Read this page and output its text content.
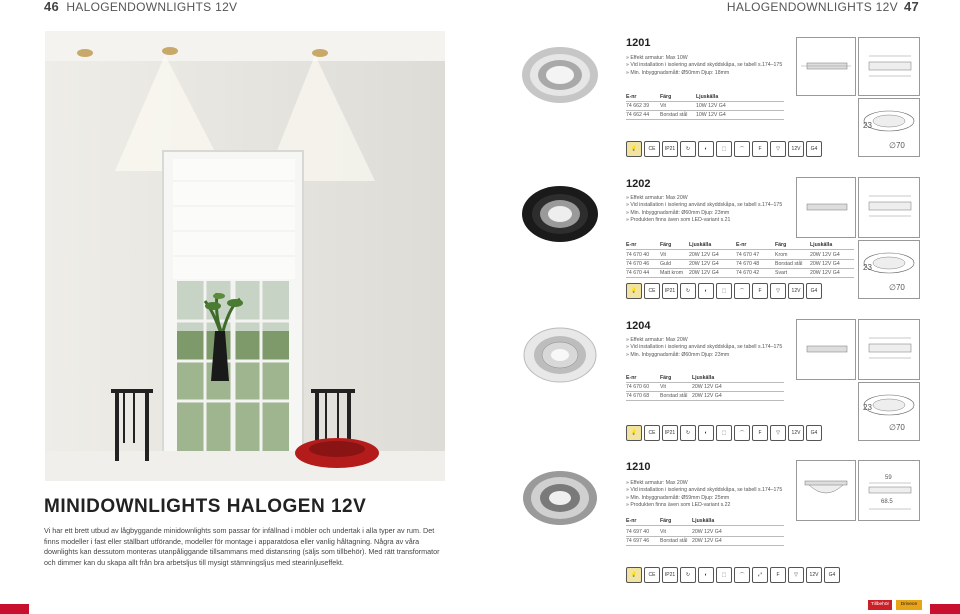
46 HALOGENDOWNLIGHTS 12V	HALOGENDOWNLIGHTS 12V 47
MINIDOWNLIGHTS HALOGEN 12V
Vi har ett brett utbud av lågbyggande minidownlights som passar för infällnad i möbler och undertak i alla typer av rum. Det finns modeller i fast eller ställbart utförande, modeller för montage i apparatdosa eller vanlig håltagning. Några av våra downlights kan dessutom monteras utanpåliggande tillsammans med distansring (säljs som tillbehör). Med rätt transformator och dimmer kan du skapa allt från bra arbetsljus till mysigt stämningsljus med stearinljuseffekt.
1201
» Effekt armatur: Max 10W
» Vid installation i isolering använd skyddskåpa, se tabell s.174–175
» Min. Inbyggnadsmått: Ø50mm Djup: 18mm
E-nr	Färg	Ljuskälla
74 662 39 Vit	10W 12V G4
74 662 44 Borstad stål 10W 12V G4
💡	CE	IP21	↻	◐	⬚	⌒	F	▽	12V	G4
23
∅70
1202
» Effekt armatur: Max 20W
» Vid installation i isolering använd skyddskåpa, se tabell s.174–175
» Min. Inbyggnadsmått: Ø60mm Djup: 23mm
» Produkten finns även som LED-variant s.21
E-nr	Färg	Ljuskälla	E-nr	Färg	Ljuskälla
74 670 40 Vit	20W 12V G4	74 670 47	Krom	20W 12V G4
74 670 46 Guld	20W 12V G4	74 670 48	Borstad stål 20W 12V G4
74 670 44 Matt krom 20W 12V G4	74 670 42	Svart	20W 12V G4
💡	CE	IP21	↻	◐	⬚	⌒	F	▽	12V	G4
23
∅70
1204
» Effekt armatur: Max 20W
» Vid installation i isolering använd skyddskåpa, se tabell s.174–175
» Min. Inbyggnadsmått: Ø60mm Djup: 23mm
E-nr	Färg	Ljuskälla
74 670 60 Vit	20W 12V G4
74 670 68 Borstad stål 20W 12V G4
💡	CE	IP21	↻	◐	⬚	⌒	F	▽	12V	G4
23
∅70
1210
» Effekt armatur: Max 20W
» Vid installation i isolering använd skyddskåpa, se tabell s.174–175
» Min. Inbyggnadsmått: Ø59mm Djup: 25mm
» Produkten finns även som LED-variant s.22
E-nr	Färg	Ljuskälla
74 697 40 Vit	20W 12V G4
74 697 46 Borstad stål 20W 12V G4
💡	CE	IP21	↻	◐	⬚	⌒	⤢	F	▽	12V	G4
59
68.5
Tillbehör	Driveon
